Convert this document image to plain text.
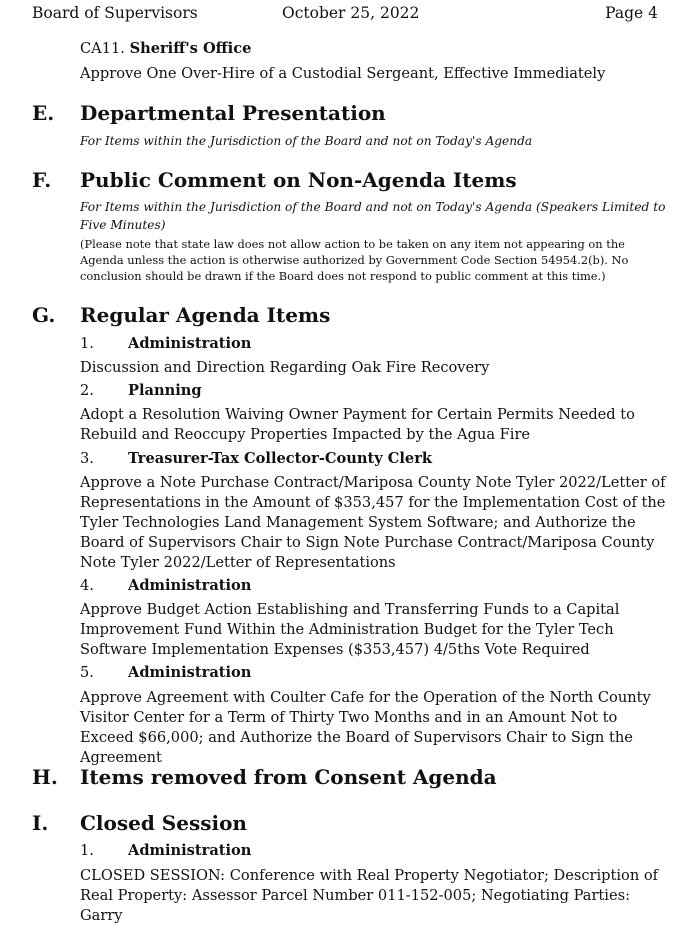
Board of Supervisors	October 25, 2022	Page 4
CA11. Sheriff's Office
Approve One Over-Hire of a Custodial Sergeant, Effective Immediately
E. Departmental Presentation
For Items within the Jurisdiction of the Board and not on Today's Agenda
F. Public Comment on Non-Agenda Items
For Items within the Jurisdiction of the Board and not on Today's Agenda (Speakers Limited to Five Minutes)
(Please note that state law does not allow action to be taken on any item not appearing on the Agenda unless the action is otherwise authorized by Government Code Section 54954.2(b). No conclusion should be drawn if the Board does not respond to public comment at this time.)
G. Regular Agenda Items
1. Administration
Discussion and Direction Regarding Oak Fire Recovery
2. Planning
Adopt a Resolution Waiving Owner Payment for Certain Permits Needed to Rebuild and Reoccupy Properties Impacted by the Agua Fire
3. Treasurer-Tax Collector-County Clerk
Approve a Note Purchase Contract/Mariposa County Note Tyler 2022/Letter of Representations in the Amount of $353,457 for the Implementation Cost of the Tyler Technologies Land Management System Software; and Authorize the Board of Supervisors Chair to Sign Note Purchase Contract/Mariposa County Note Tyler 2022/Letter of Representations
4. Administration
Approve Budget Action Establishing and Transferring Funds to a Capital Improvement Fund Within the Administration Budget for the Tyler Tech Software Implementation Expenses ($353,457) 4/5ths Vote Required
5. Administration
Approve Agreement with Coulter Cafe for the Operation of the North County Visitor Center for a Term of Thirty Two Months and in an Amount Not to Exceed $66,000; and Authorize the Board of Supervisors Chair to Sign the Agreement
H. Items removed from Consent Agenda
I. Closed Session
1. Administration
CLOSED SESSION: Conference with Real Property Negotiator; Description of Real Property: Assessor Parcel Number 011-152-005; Negotiating Parties: Garry
